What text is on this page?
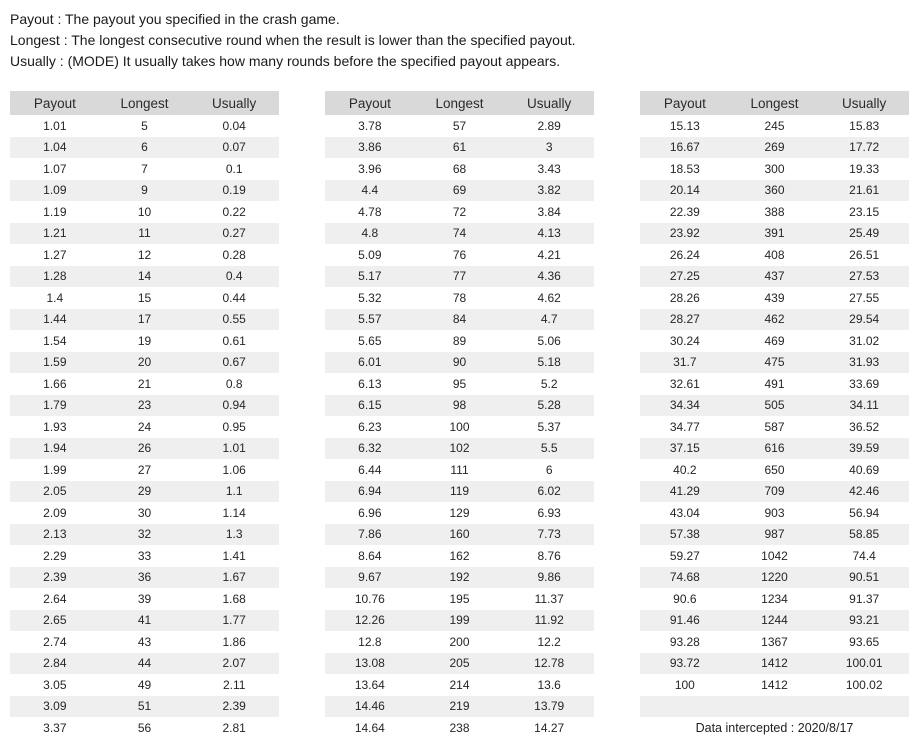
Payout : The payout you specified in the crash game.
Longest : The longest consecutive round when the result is lower than the specified payout.
Usually : (MODE) It usually takes how many rounds before the specified payout appears.
Payout	Longest	Usually
1.01	5	0.04
1.04	6	0.07
1.07	7	0.1
1.09	9	0.19
1.19	10	0.22
1.21	11	0.27
1.27	12	0.28
1.28	14	0.4
1.4	15	0.44
1.44	17	0.55
1.54	19	0.61
1.59	20	0.67
1.66	21	0.8
1.79	23	0.94
1.93	24	0.95
1.94	26	1.01
1.99	27	1.06
2.05	29	1.1
2.09	30	1.14
2.13	32	1.3
2.29	33	1.41
2.39	36	1.67
2.64	39	1.68
2.65	41	1.77
2.74	43	1.86
2.84	44	2.07
3.05	49	2.11
3.09	51	2.39
3.37	56	2.81
Payout	Longest	Usually
3.78	57	2.89
3.86	61	3
3.96	68	3.43
4.4	69	3.82
4.78	72	3.84
4.8	74	4.13
5.09	76	4.21
5.17	77	4.36
5.32	78	4.62
5.57	84	4.7
5.65	89	5.06
6.01	90	5.18
6.13	95	5.2
6.15	98	5.28
6.23	100	5.37
6.32	102	5.5
6.44	111	6
6.94	119	6.02
6.96	129	6.93
7.86	160	7.73
8.64	162	8.76
9.67	192	9.86
10.76	195	11.37
12.26	199	11.92
12.8	200	12.2
13.08	205	12.78
13.64	214	13.6
14.46	219	13.79
14.64	238	14.27
Payout	Longest	Usually
15.13	245	15.83
16.67	269	17.72
18.53	300	19.33
20.14	360	21.61
22.39	388	23.15
23.92	391	25.49
26.24	408	26.51
27.25	437	27.53
28.26	439	27.55
28.27	462	29.54
30.24	469	31.02
31.7	475	31.93
32.61	491	33.69
34.34	505	34.11
34.77	587	36.52
37.15	616	39.59
40.2	650	40.69
41.29	709	42.46
43.04	903	56.94
57.38	987	58.85
59.27	1042	74.4
74.68	1220	90.51
90.6	1234	91.37
91.46	1244	93.21
93.28	1367	93.65
93.72	1412	100.01
100	1412	100.02
Data intercepted : 2020/8/17
